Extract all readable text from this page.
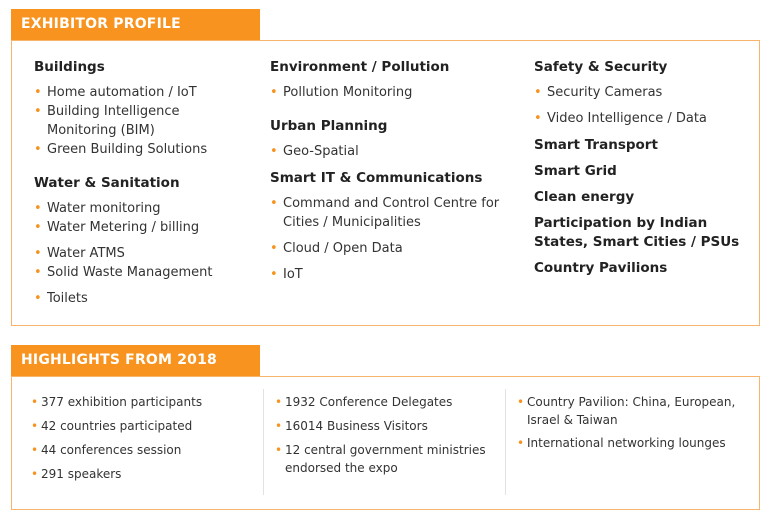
EXHIBITOR PROFILE
Buildings
• Home automation / IoT
• Building Intelligence
Monitoring (BIM)
• Green Building Solutions
Water & Sanitation
• Water monitoring
• Water Metering / billing
• Water ATMS
• Solid Waste Management
• Toilets
Environment / Pollution
• Pollution Monitoring
Urban Planning
• Geo-Spatial
Smart IT & Communications
• Command and Control Centre for
Cities / Municipalities
• Cloud / Open Data
• IoT
Safety & Security
• Security Cameras
• Video Intelligence / Data
Smart Transport
Smart Grid
Clean energy
Participation by Indian
States, Smart Cities / PSUs
Country Pavilions
HIGHLIGHTS FROM 2018
• 377 exhibition participants
• 42 countries participated
• 44 conferences session
• 291 speakers
• 1932 Conference Delegates
• 16014 Business Visitors
• 12 central government ministries
endorsed the expo
• Country Pavilion: China, European,
Israel & Taiwan
• International networking lounges
